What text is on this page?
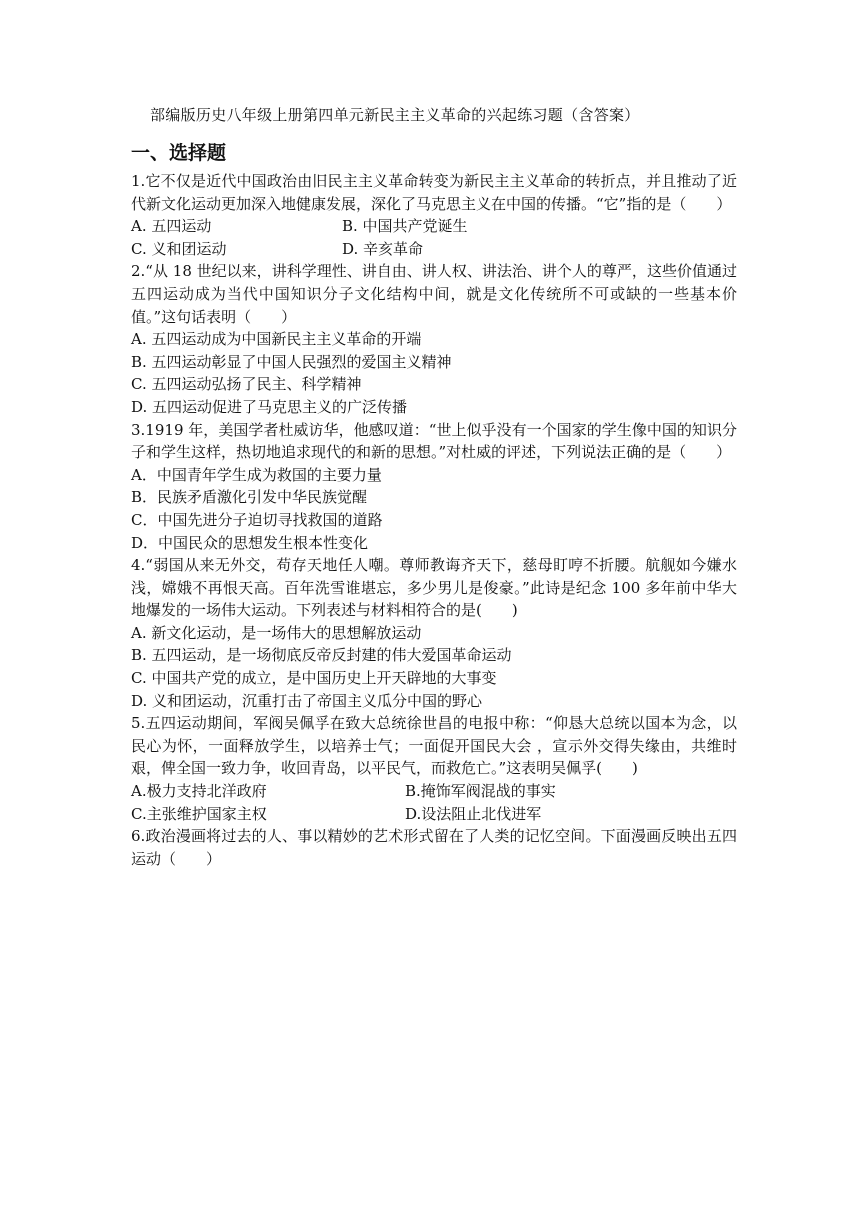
部编版历史八年级上册第四单元新民主主义革命的兴起练习题（含答案）
一、选择题

1.它不仅是近代中国政治由旧民主主义革命转变为新民主主义革命的转折点，并且推动了近代新文化运动更加深入地健康发展，深化了马克思主义在中国的传播。“它”指的是（　　）

A. 五四运动	B. 中国共产党诞生
C. 义和团运动	D. 辛亥革命

2.“从 18 世纪以来，讲科学理性、讲自由、讲人权、讲法治、讲个人的尊严，这些价值通过五四运动成为当代中国知识分子文化结构中间，就是文化传统所不可或缺的一些基本价值。”这句话表明（　　）

A. 五四运动成为中国新民主主义革命的开端

B. 五四运动彰显了中国人民强烈的爱国主义精神

C. 五四运动弘扬了民主、科学精神

D. 五四运动促进了马克思主义的广泛传播

3.1919 年，美国学者杜威访华，他感叹道：“世上似乎没有一个国家的学生像中国的知识分子和学生这样，热切地追求现代的和新的思想。”对杜威的评述，下列说法正确的是（　　）

A．中国青年学生成为救国的主要力量

B．民族矛盾激化引发中华民族觉醒

C．中国先进分子迫切寻找救国的道路

D．中国民众的思想发生根本性变化

4.“弱国从来无外交，苟存天地任人嘲。尊师教诲齐天下，慈母盯哼不折腰。航舰如今嫌水浅，嫦娥不再恨天高。百年洗雪谁堪忘，多少男儿是俊豪。”此诗是纪念 100 多年前中华大地爆发的一场伟大运动。下列表述与材料相符合的是(　　)

A. 新文化运动，是一场伟大的思想解放运动

B. 五四运动，是一场彻底反帝反封建的伟大爱国革命运动

C. 中国共产党的成立，是中国历史上开天辟地的大事变

D. 义和团运动，沉重打击了帝国主义瓜分中国的野心

5.五四运动期间，军阀吴佩孚在致大总统徐世昌的电报中称：“仰恳大总统以国本为念，以民心为怀，一面释放学生，以培养士气；一面促开国民大会 ，宣示外交得失缘由，共维时艰，俾全国一致力争，收回青岛，以平民气，而救危亡。”这表明吴佩孚(　　)

A.极力支持北洋政府	B.掩饰军阀混战的事实
C.主张维护国家主权	D.设法阻止北伐进军

6.政治漫画将过去的人、事以精妙的艺术形式留在了人类的记忆空间。下面漫画反映出五四运动（　　）
